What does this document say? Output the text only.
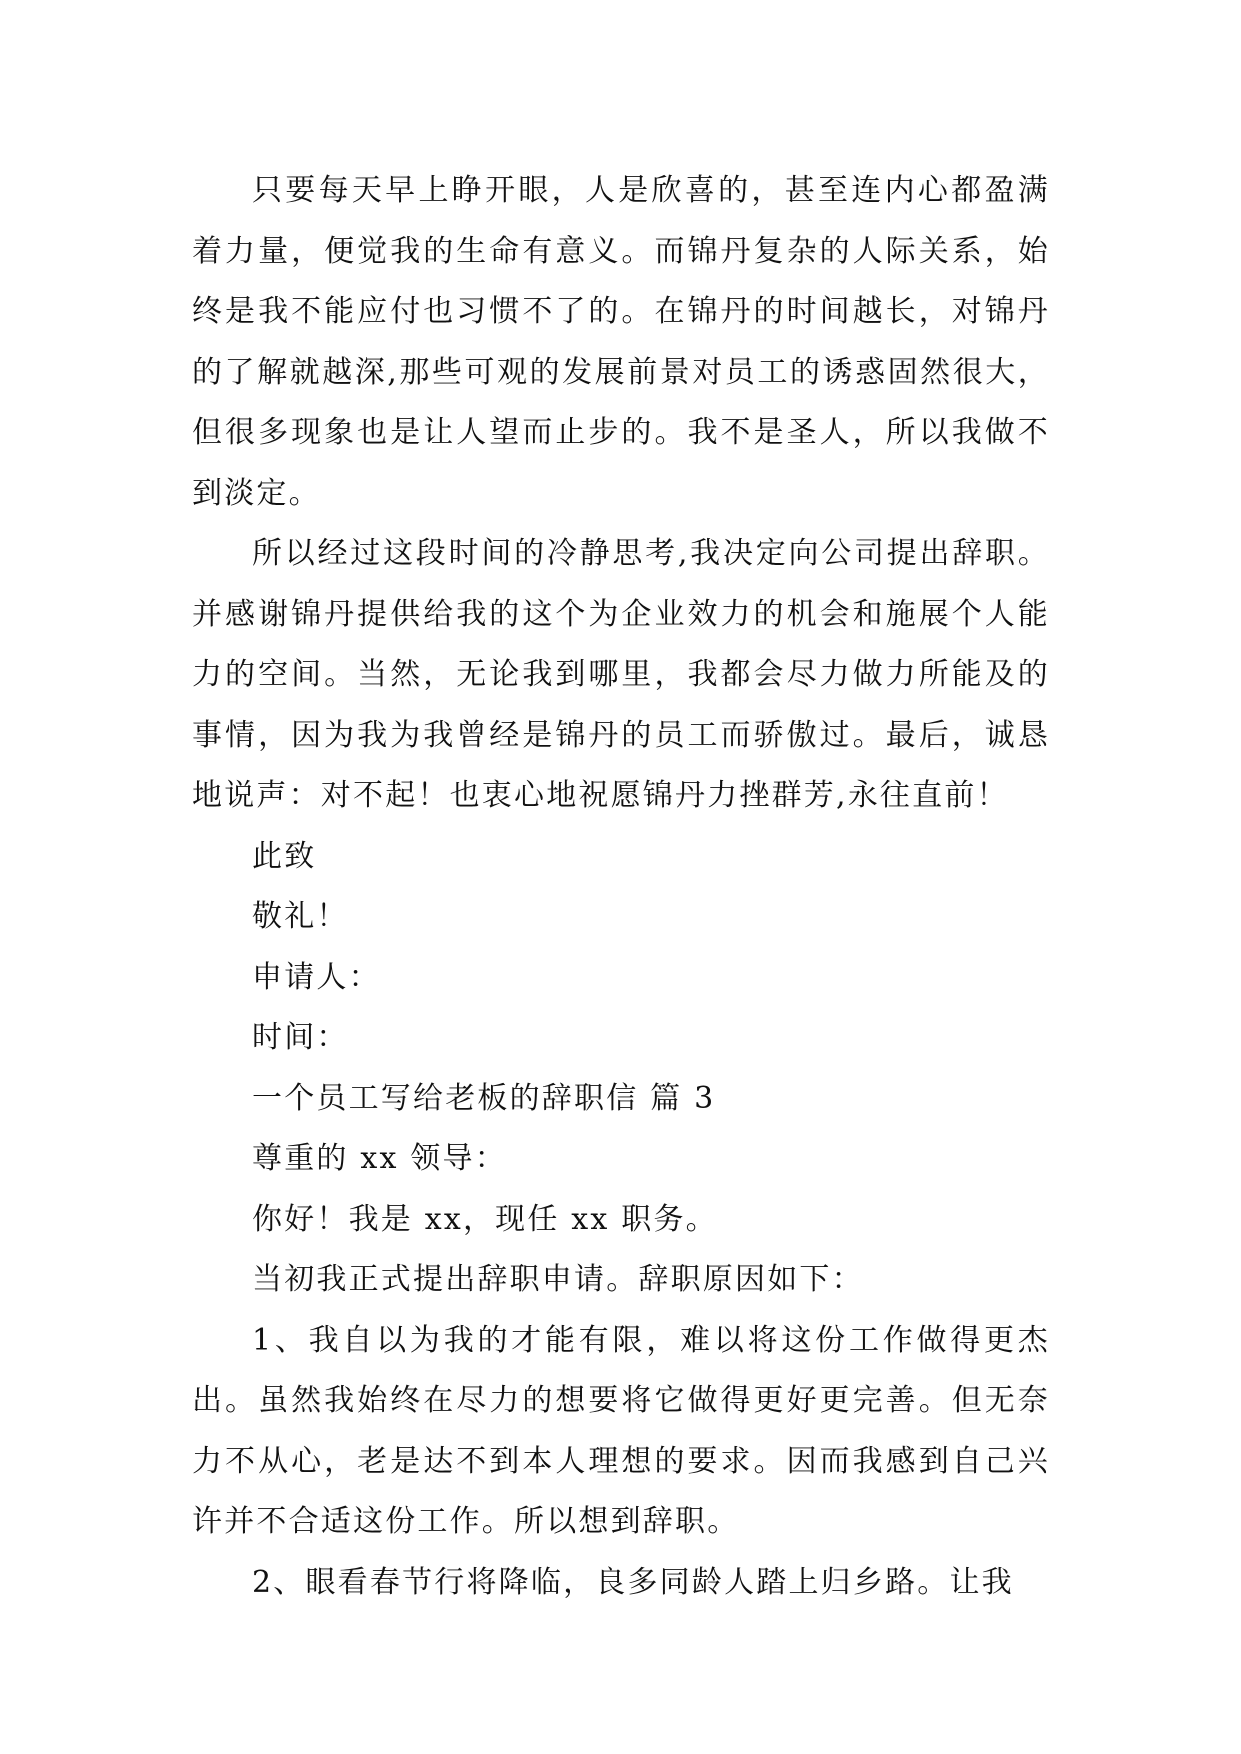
只要每天早上睁开眼，人是欣喜的，甚至连内心都盈满着力量，便觉我的生命有意义。而锦丹复杂的人际关系，始终是我不能应付也习惯不了的。在锦丹的时间越长，对锦丹的了解就越深,那些可观的发展前景对员工的诱惑固然很大，但很多现象也是让人望而止步的。我不是圣人，所以我做不到淡定。

所以经过这段时间的冷静思考,我决定向公司提出辞职。并感谢锦丹提供给我的这个为企业效力的机会和施展个人能力的空间。当然，无论我到哪里，我都会尽力做力所能及的事情，因为我为我曾经是锦丹的员工而骄傲过。最后，诚恳地说声：对不起！也衷心地祝愿锦丹力挫群芳,永往直前！

此致

敬礼！

申请人：

时间：

一个员工写给老板的辞职信 篇 3

尊重的 xx 领导：

你好！我是 xx，现任 xx 职务。

当初我正式提出辞职申请。辞职原因如下：

1、我自以为我的才能有限，难以将这份工作做得更杰出。虽然我始终在尽力的想要将它做得更好更完善。但无奈力不从心，老是达不到本人理想的要求。因而我感到自己兴许并不合适这份工作。所以想到辞职。

2、眼看春节行将降临，良多同龄人踏上归乡路。让我
